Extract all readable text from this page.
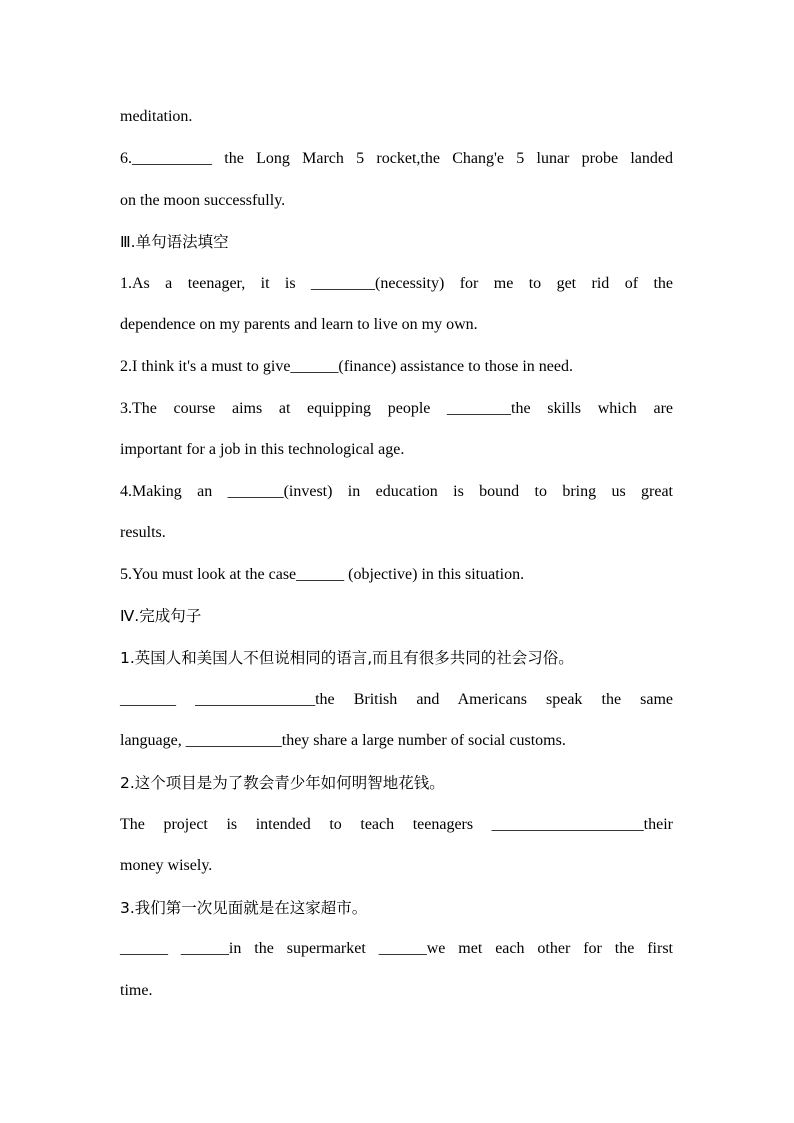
meditation.
6.__________ the Long March 5 rocket,the Chang'e 5 lunar probe landed
on the moon successfully.
Ⅲ.单句语法填空
1.As a teenager, it is ________(necessity) for me to get rid of the
dependence on my parents and learn to live on my own.
2.I think it's a must to give______(finance) assistance to those in need.
3.The course aims at equipping people ________the skills which are
important for a job in this technological age.
4.Making an _______(invest) in education is bound to bring us great
results.
5.You must look at the case______ (objective) in this situation.
Ⅳ.完成句子
1.英国人和美国人不但说相同的语言,而且有很多共同的社会习俗。
_______ _______________the British and Americans speak the same
language, ____________they share a large number of social customs.
2.这个项目是为了教会青少年如何明智地花钱。
The project is intended to teach teenagers ___________________their
money wisely.
3.我们第一次见面就是在这家超市。
______ ______in the supermarket ______we met each other for the first
time.
